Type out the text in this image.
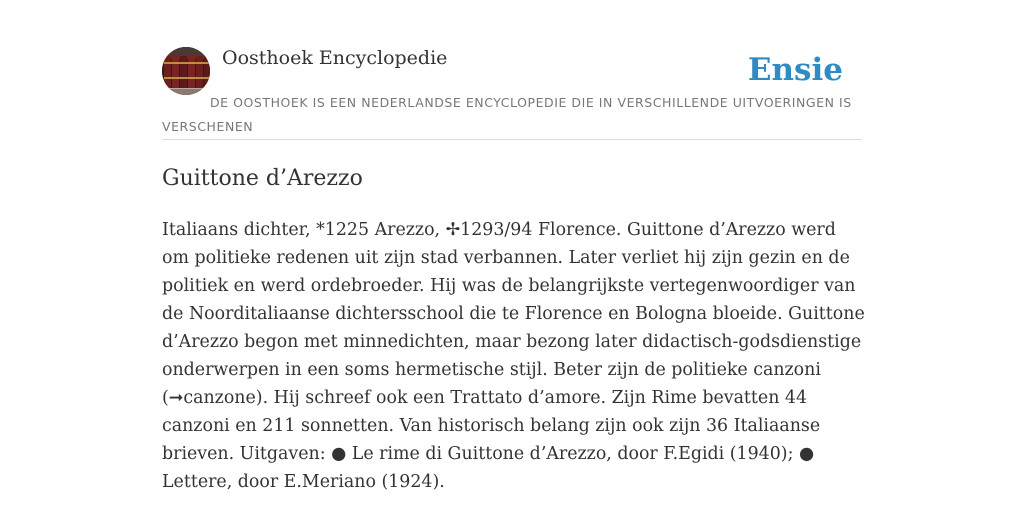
Oosthoek Encyclopedie	Ensie
DE OOSTHOEK IS EEN NEDERLANDSE ENCYCLOPEDIE DIE IN VERSCHILLENDE UITVOERINGEN IS VERSCHENEN
Guittone d’Arezzo

Italiaans dichter, *1225 Arezzo, ✢1293/94 Florence. Guittone d’Arezzo werd om politieke redenen uit zijn stad verbannen. Later verliet hij zijn gezin en de politiek en werd ordebroeder. Hij was de belangrijkste vertegenwoordiger van de Noorditaliaanse dichtersschool die te Florence en Bologna bloeide. Guittone d’Arezzo begon met minnedichten, maar bezong later didactisch-godsdienstige onderwerpen in een soms hermetische stijl. Beter zijn de politieke canzoni (➞canzone). Hij schreef ook een Trattato d’amore. Zijn Rime bevatten 44 canzoni en 211 sonnetten. Van historisch belang zijn ook zijn 36 Italiaanse brieven. Uitgaven: ● Le rime di Guittone d’Arezzo, door F.Egidi (1940); ● Lettere, door E.Meriano (1924).
